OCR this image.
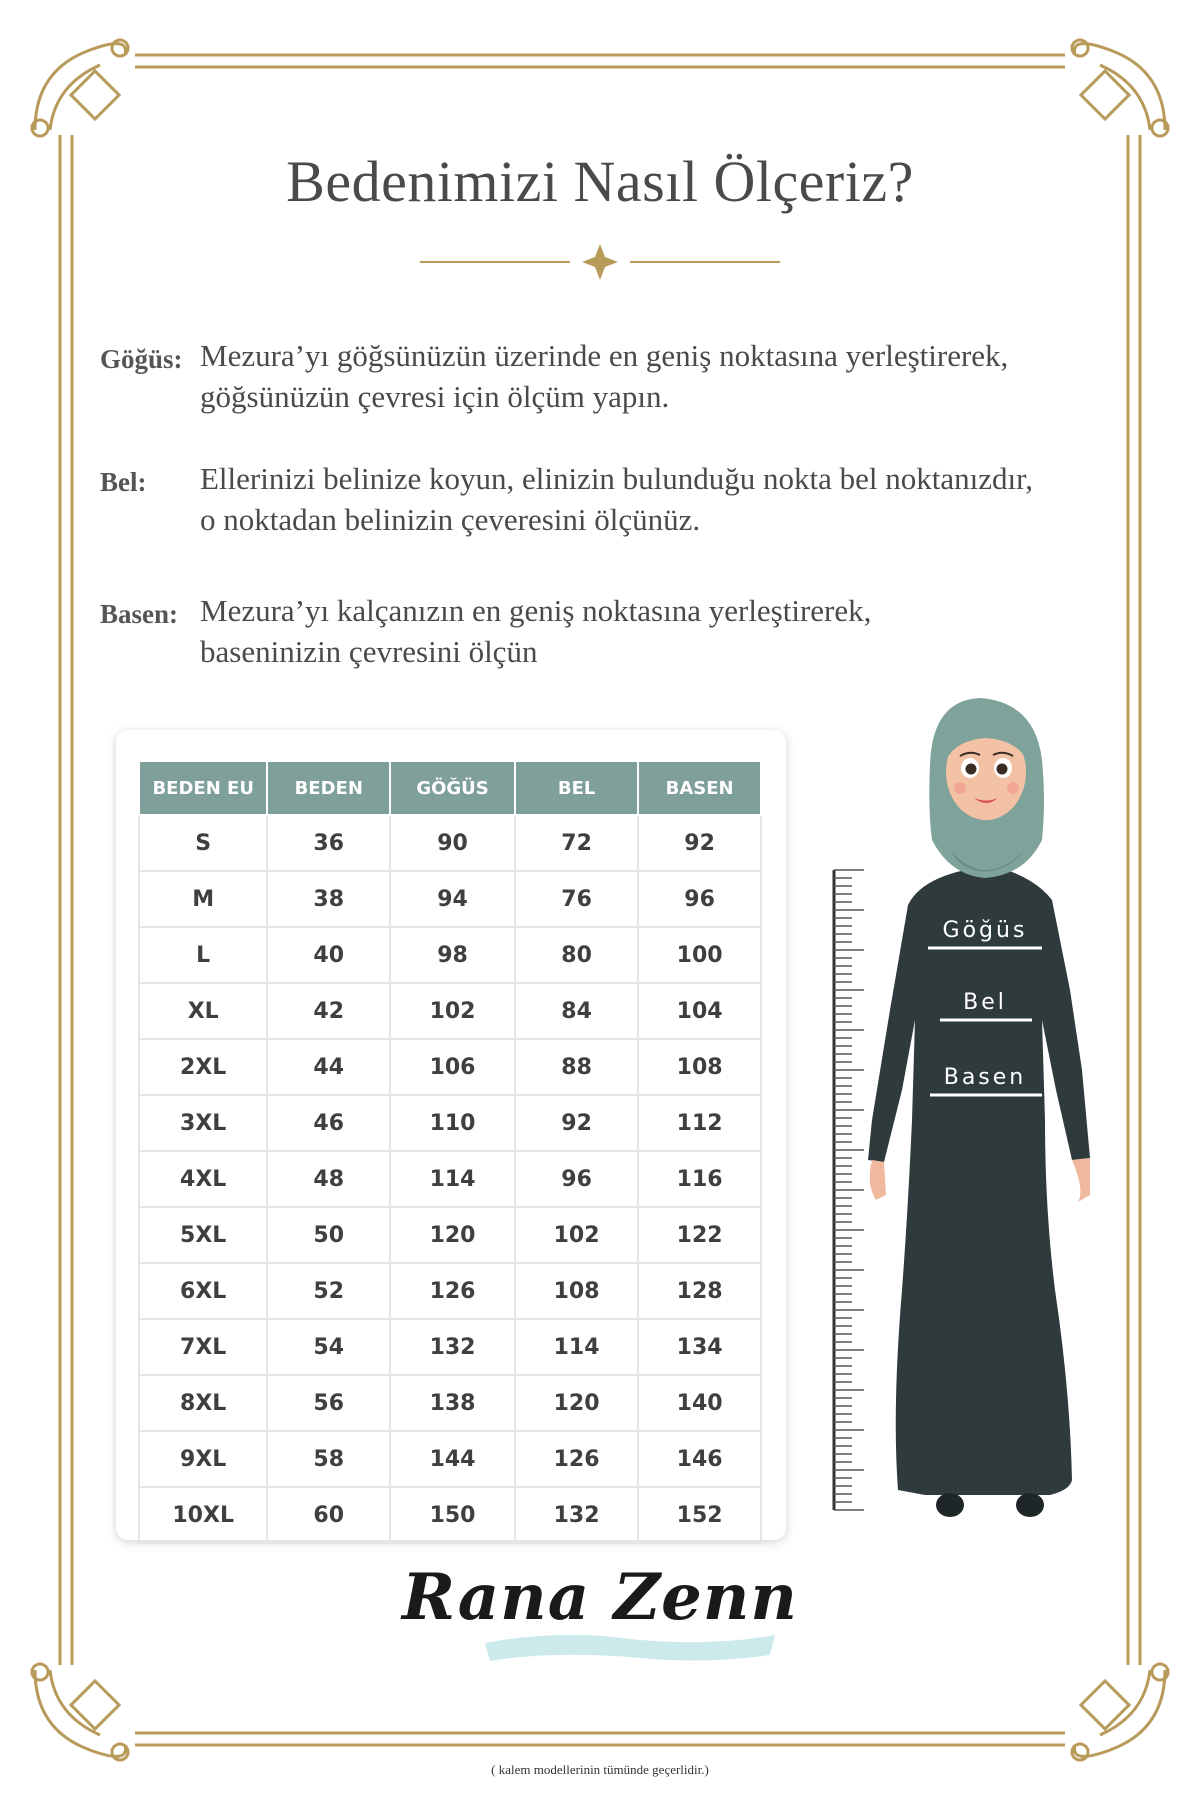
Bedenimizi Nasıl Ölçeriz?
Göğüs: Mezura’yı göğsünüzün üzerinde en geniş noktasına yerleştirerek,
göğsünüzün çevresi için ölçüm yapın.
Bel: Ellerinizi belinize koyun, elinizin bulunduğu nokta bel noktanızdır,
o noktadan belinizin çeveresini ölçünüz.
Basen: Mezura’yı kalçanızın en geniş noktasına yerleştirerek,
baseninizin çevresini ölçün
BEDEN EU	BEDEN	GÖĞÜS	BEL	BASEN
S	36	90	72	92
M	38	94	76	96
L	40	98	80	100
XL	42	102	84	104
2XL	44	106	88	108
3XL	46	110	92	112
4XL	48	114	96	116
5XL	50	120	102	122
6XL	52	126	108	128
7XL	54	132	114	134
8XL	56	138	120	140
9XL	58	144	126	146
10XL	60	150	132	152
Göğüs
Bel
Basen
Rana Zenn
( kalem modellerinin tümünde geçerlidir.)
